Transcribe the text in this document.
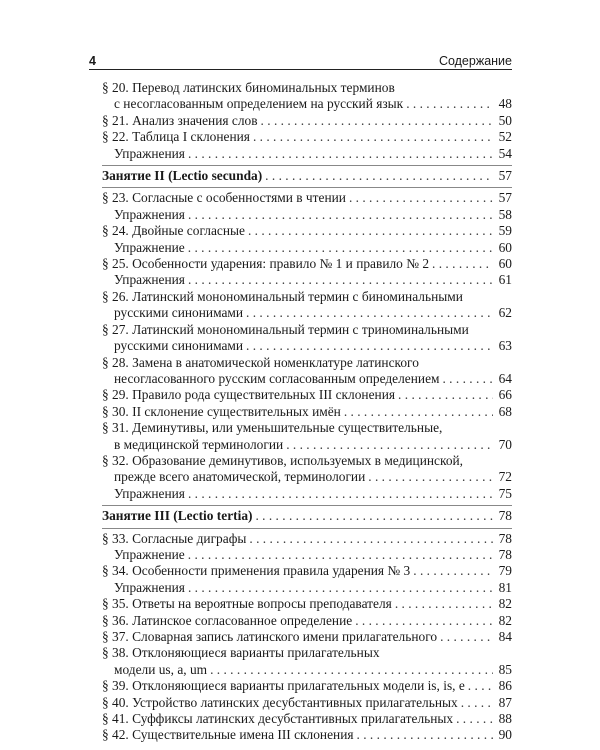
4	Содержание
§ 20. Перевод латинских биноминальных терминов
с несогласованным определением на русский язык . . .	48
§ 21. Анализ значения слов . . .	50
§ 22. Таблица I склонения . . .	52
Упражнения . . .	54
Занятие II (Lectio secunda) . . .	57
§ 23. Согласные с особенностями в чтении . . .	57
Упражнения . . .	58
§ 24. Двойные согласные . . .	59
Упражнение . . .	60
§ 25. Особенности ударения: правило № 1 и правило № 2 . . .	60
Упражнения . . .	61
§ 26. Латинский монономинальный термин с биноминальными
русскими синонимами . . .	62
§ 27. Латинский монономинальный термин с триноминальными
русскими синонимами . . .	63
§ 28. Замена в анатомической номенклатуре латинского
несогласованного русским согласованным определением . . .	64
§ 29. Правило рода существительных III склонения . . .	66
§ 30. II склонение существительных имён . . .	68
§ 31. Деминутивы, или уменьшительные существительные,
в медицинской терминологии . . .	70
§ 32. Образование деминутивов, используемых в медицинской,
прежде всего анатомической, терминологии . . .	72
Упражнения . . .	75
Занятие III (Lectio tertia) . . .	78
§ 33. Согласные диграфы . . .	78
Упражнение . . .	78
§ 34. Особенности применения правила ударения № 3 . . .	79
Упражнения . . .	81
§ 35. Ответы на вероятные вопросы преподавателя . . .	82
§ 36. Латинское согласованное определение . . .	82
§ 37. Словарная запись латинского имени прилагательного . . .	84
§ 38. Отклоняющиеся варианты прилагательных
модели us, a, um . . .	85
§ 39. Отклоняющиеся варианты прилагательных модели is, is, e . . .	86
§ 40. Устройство латинских десубстантивных прилагательных . . .	87
§ 41. Суффиксы латинских десубстантивных прилагательных . . .	88
§ 42. Существительные имена III склонения . . .	90
